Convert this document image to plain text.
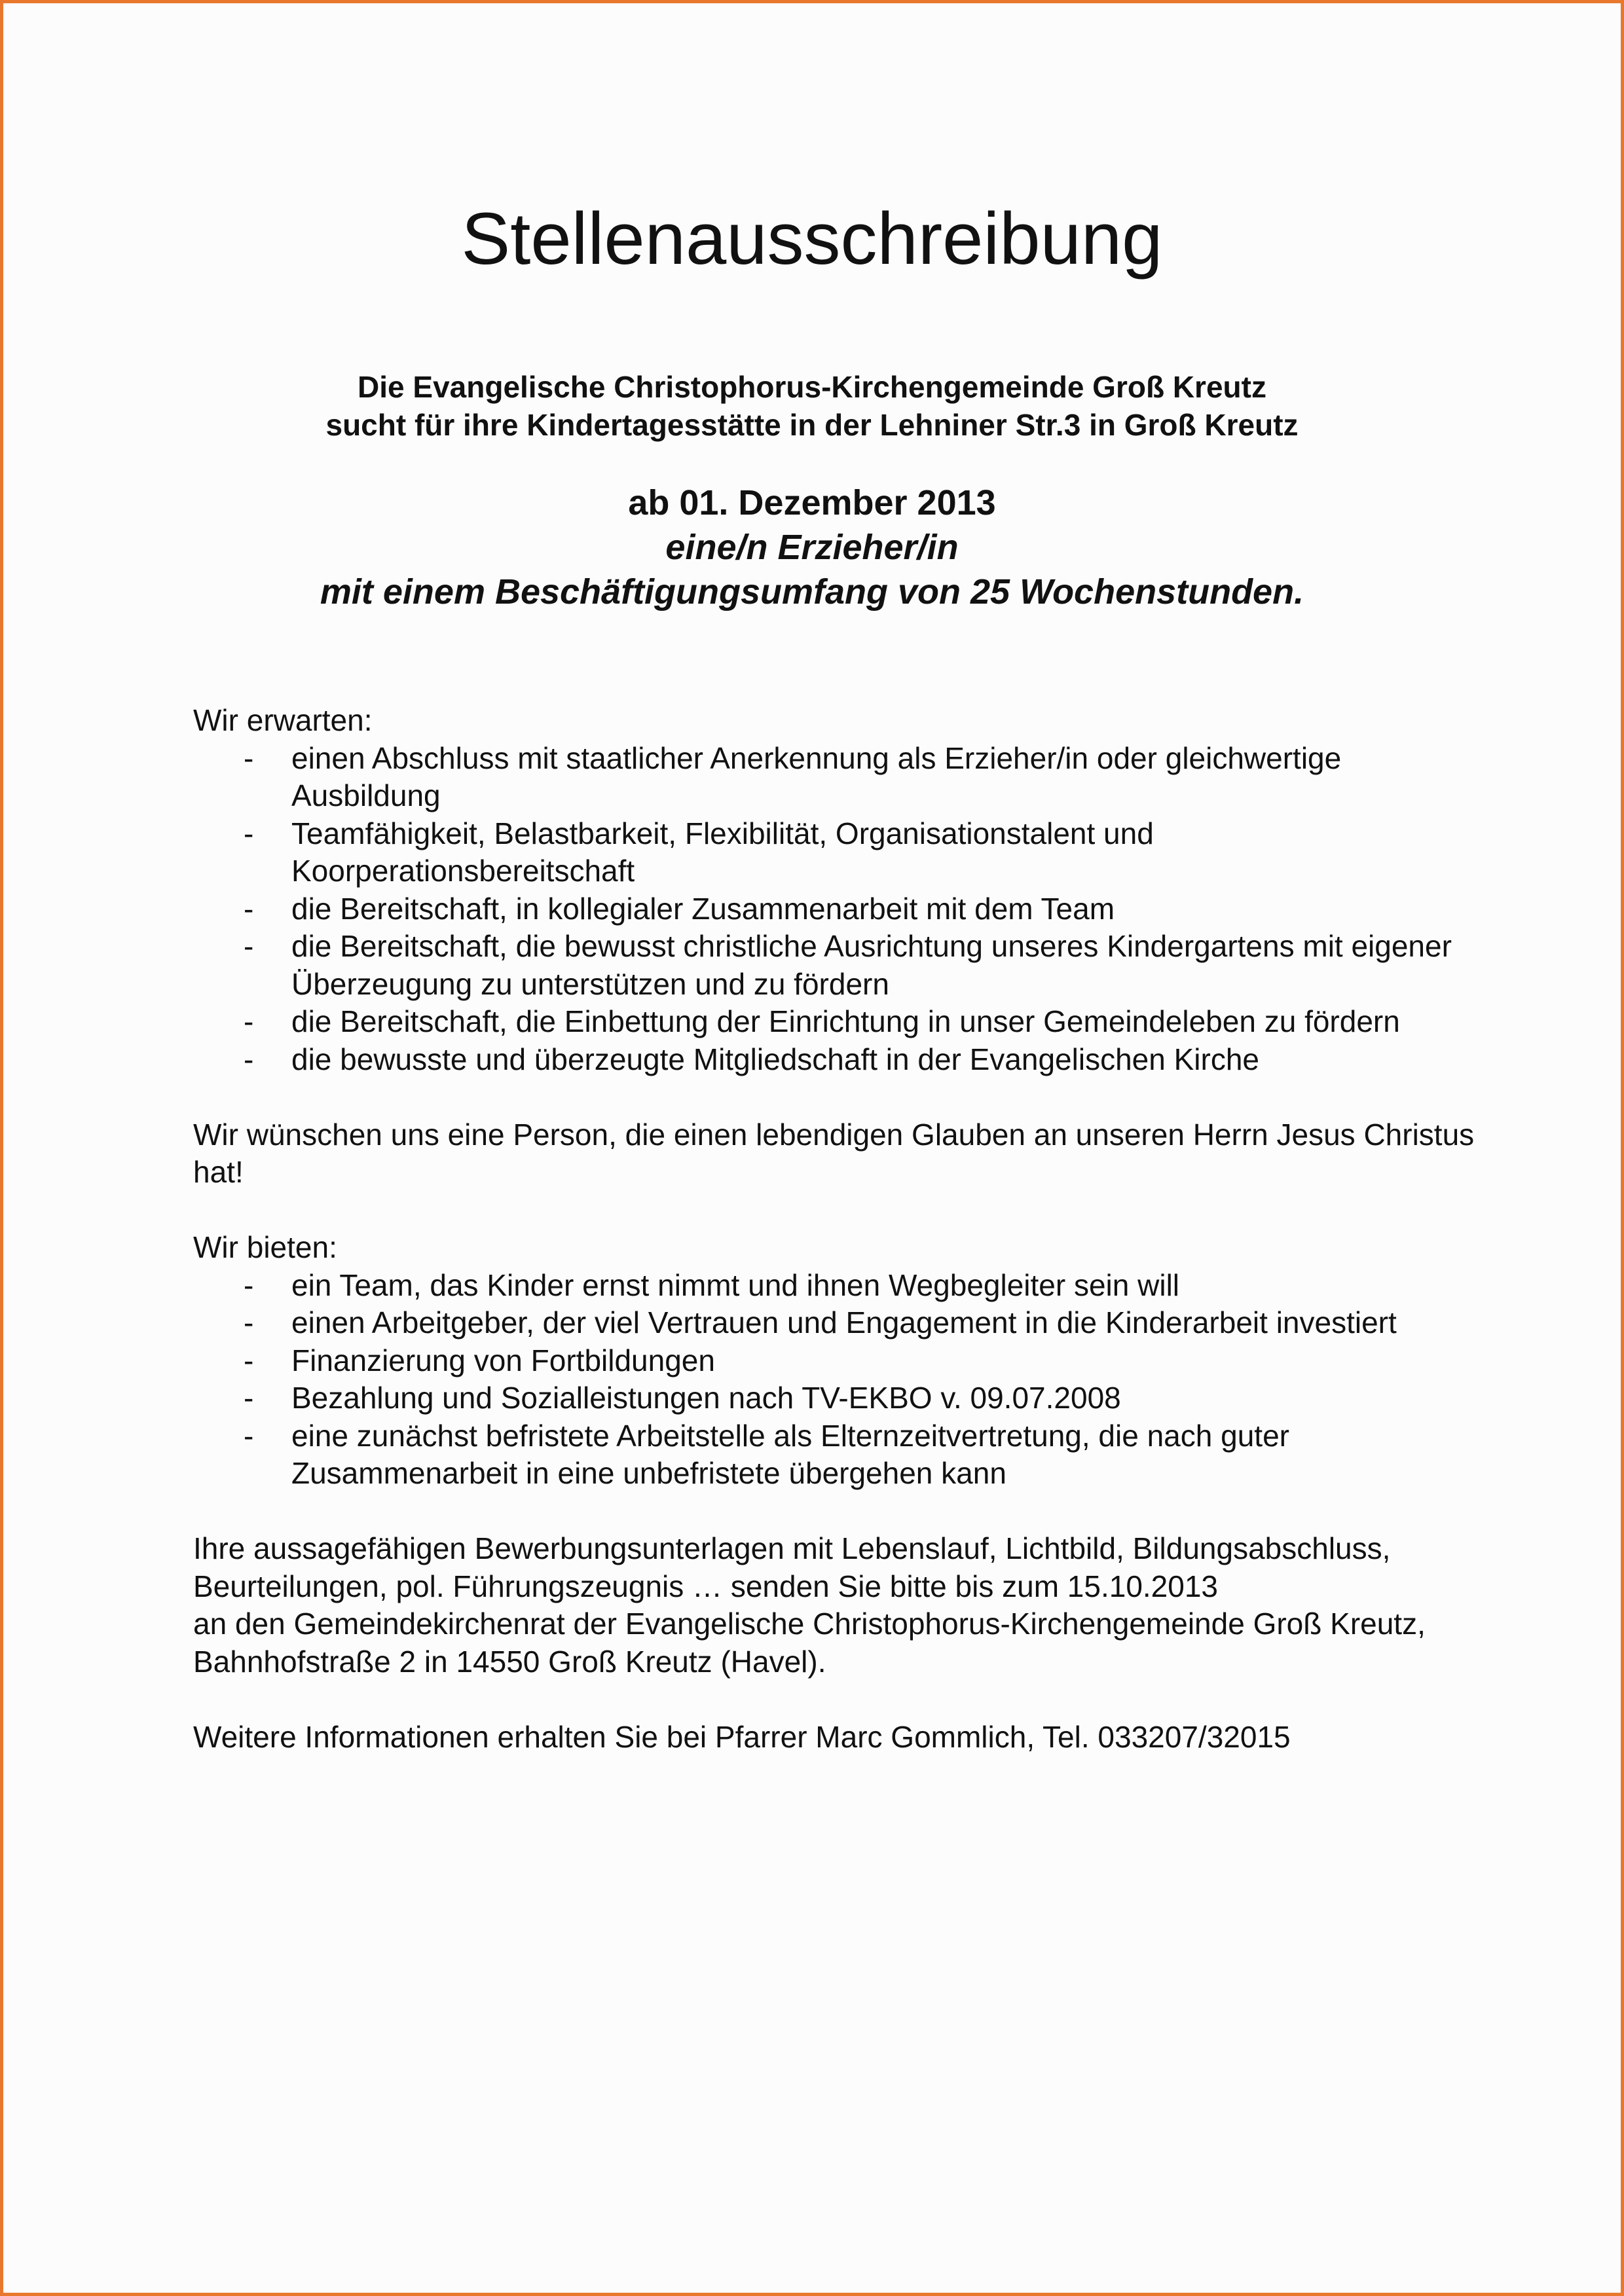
Stellenausschreibung

Die Evangelische Christophorus-Kirchengemeinde Groß Kreutz

sucht für ihre Kindertagesstätte in der Lehniner Str.3 in Groß Kreutz

ab 01. Dezember 2013

eine/n Erzieher/in

mit einem Beschäftigungsumfang von 25 Wochenstunden.

Wir erwarten:

- einen Abschluss mit staatlicher Anerkennung als Erzieher/in oder gleichwertige Ausbildung
- Teamfähigkeit, Belastbarkeit, Flexibilität, Organisationstalent und Koorperationsbereitschaft
- die Bereitschaft, in kollegialer Zusammenarbeit mit dem Team
- die Bereitschaft, die bewusst christliche Ausrichtung unseres Kindergartens mit eigener Überzeugung zu unterstützen und zu fördern
- die Bereitschaft, die Einbettung der Einrichtung in unser Gemeindeleben zu fördern
- die bewusste und überzeugte Mitgliedschaft in der Evangelischen Kirche

Wir wünschen uns eine Person, die einen lebendigen Glauben an unseren Herrn Jesus Christus hat!

Wir bieten:

- ein Team, das Kinder ernst nimmt und ihnen Wegbegleiter sein will
- einen Arbeitgeber, der viel Vertrauen und Engagement in die Kinderarbeit investiert
- Finanzierung von Fortbildungen
- Bezahlung und Sozialleistungen nach TV-EKBO v. 09.07.2008
- eine zunächst befristete Arbeitstelle als Elternzeitvertretung, die nach guter Zusammenarbeit in eine unbefristete übergehen kann

Ihre aussagefähigen Bewerbungsunterlagen mit Lebenslauf, Lichtbild, Bildungsabschluss, Beurteilungen, pol. Führungszeugnis … senden Sie bitte bis zum 15.10.2013

an den Gemeindekirchenrat der Evangelische Christophorus-Kirchengemeinde Groß Kreutz, Bahnhofstraße 2 in 14550 Groß Kreutz (Havel).

Weitere Informationen erhalten Sie bei Pfarrer Marc Gommlich, Tel. 033207/32015
